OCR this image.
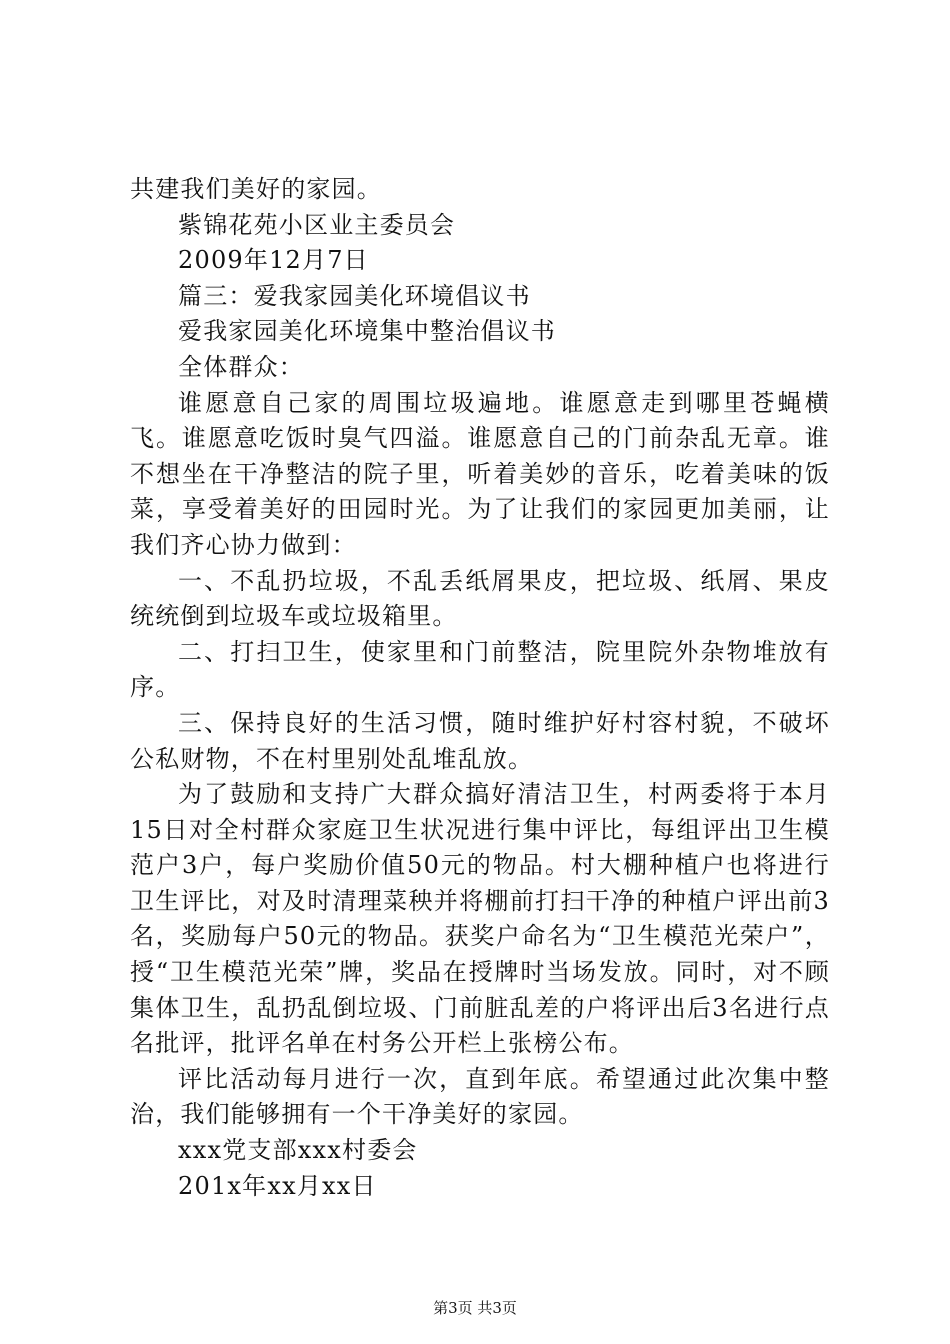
共建我们美好的家园。

紫锦花苑小区业主委员会

2009年12月7日

篇三：爱我家园美化环境倡议书

爱我家园美化环境集中整治倡议书

全体群众：

谁愿意自己家的周围垃圾遍地。谁愿意走到哪里苍蝇横飞。谁愿意吃饭时臭气四溢。谁愿意自己的门前杂乱无章。谁不想坐在干净整洁的院子里，听着美妙的音乐，吃着美味的饭菜，享受着美好的田园时光。为了让我们的家园更加美丽，让我们齐心协力做到：

一、不乱扔垃圾，不乱丢纸屑果皮，把垃圾、纸屑、果皮统统倒到垃圾车或垃圾箱里。

二、打扫卫生，使家里和门前整洁，院里院外杂物堆放有序。

三、保持良好的生活习惯，随时维护好村容村貌，不破坏公私财物，不在村里别处乱堆乱放。

为了鼓励和支持广大群众搞好清洁卫生，村两委将于本月15日对全村群众家庭卫生状况进行集中评比，每组评出卫生模范户3户，每户奖励价值50元的物品。村大棚种植户也将进行卫生评比，对及时清理菜秧并将棚前打扫干净的种植户评出前3名，奖励每户50元的物品。获奖户命名为“卫生模范光荣户”，授“卫生模范光荣”牌，奖品在授牌时当场发放。同时，对不顾集体卫生，乱扔乱倒垃圾、门前脏乱差的户将评出后3名进行点名批评，批评名单在村务公开栏上张榜公布。

评比活动每月进行一次，直到年底。希望通过此次集中整治，我们能够拥有一个干净美好的家园。

xxx党支部xxx村委会

201x年xx月xx日

第3页 共3页
